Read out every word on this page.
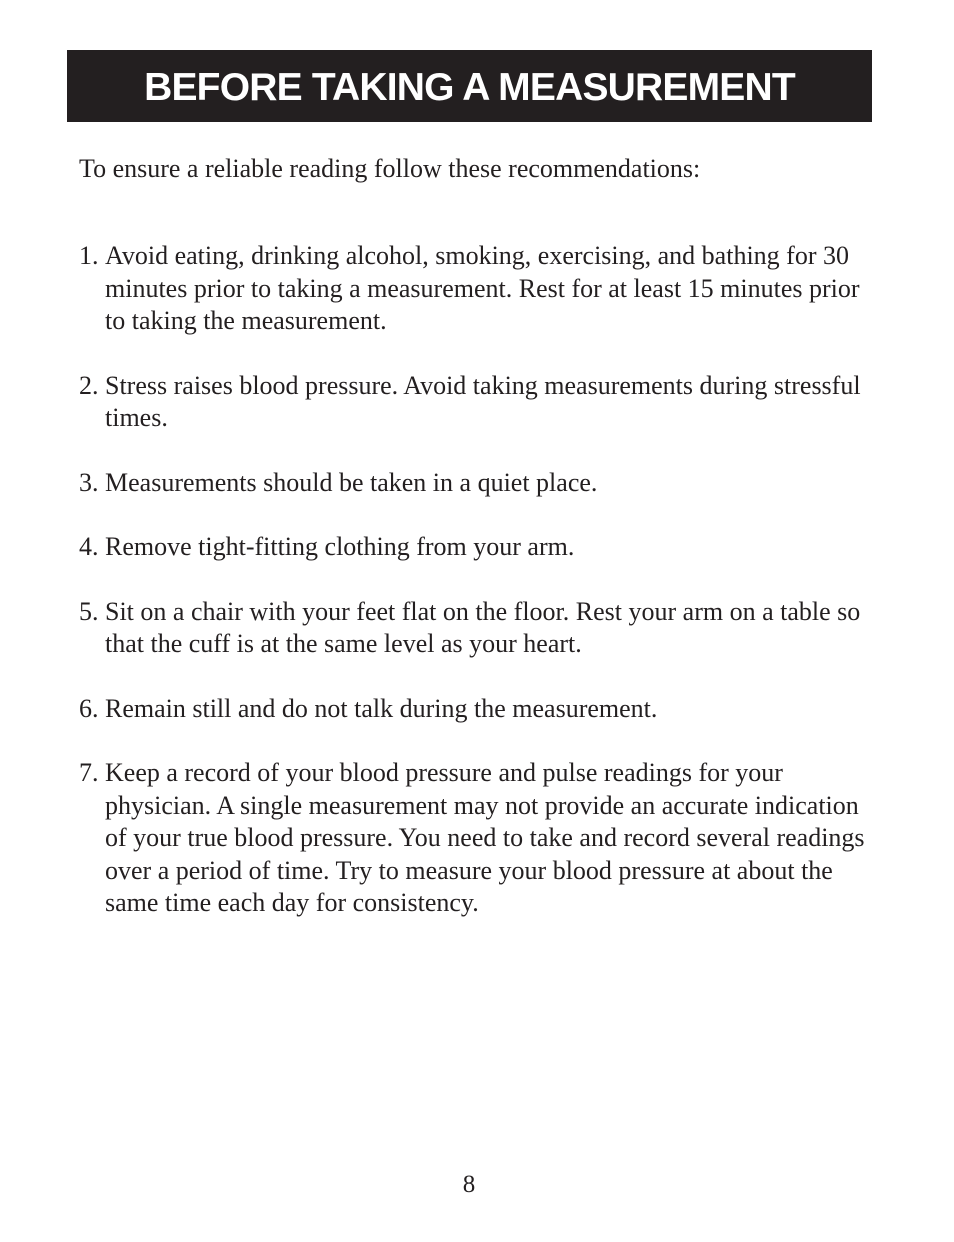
BEFORE TAKING A MEASUREMENT

To ensure a reliable reading follow these recommendations:

1. Avoid eating, drinking alcohol, smoking, exercising, and bathing for 30 minutes prior to taking a measurement. Rest for at least 15 minutes prior to taking the measurement.
2. Stress raises blood pressure. Avoid taking measurements during stressful times.
3. Measurements should be taken in a quiet place.
4. Remove tight-fitting clothing from your arm.
5. Sit on a chair with your feet flat on the floor. Rest your arm on a table so that the cuff is at the same level as your heart.
6. Remain still and do not talk during the measurement.
7. Keep a record of your blood pressure and pulse readings for your physician. A single measurement may not provide an accurate indication of your true blood pressure. You need to take and record several readings over a period of time. Try to measure your blood pressure at about the same time each day for consistency.
8
